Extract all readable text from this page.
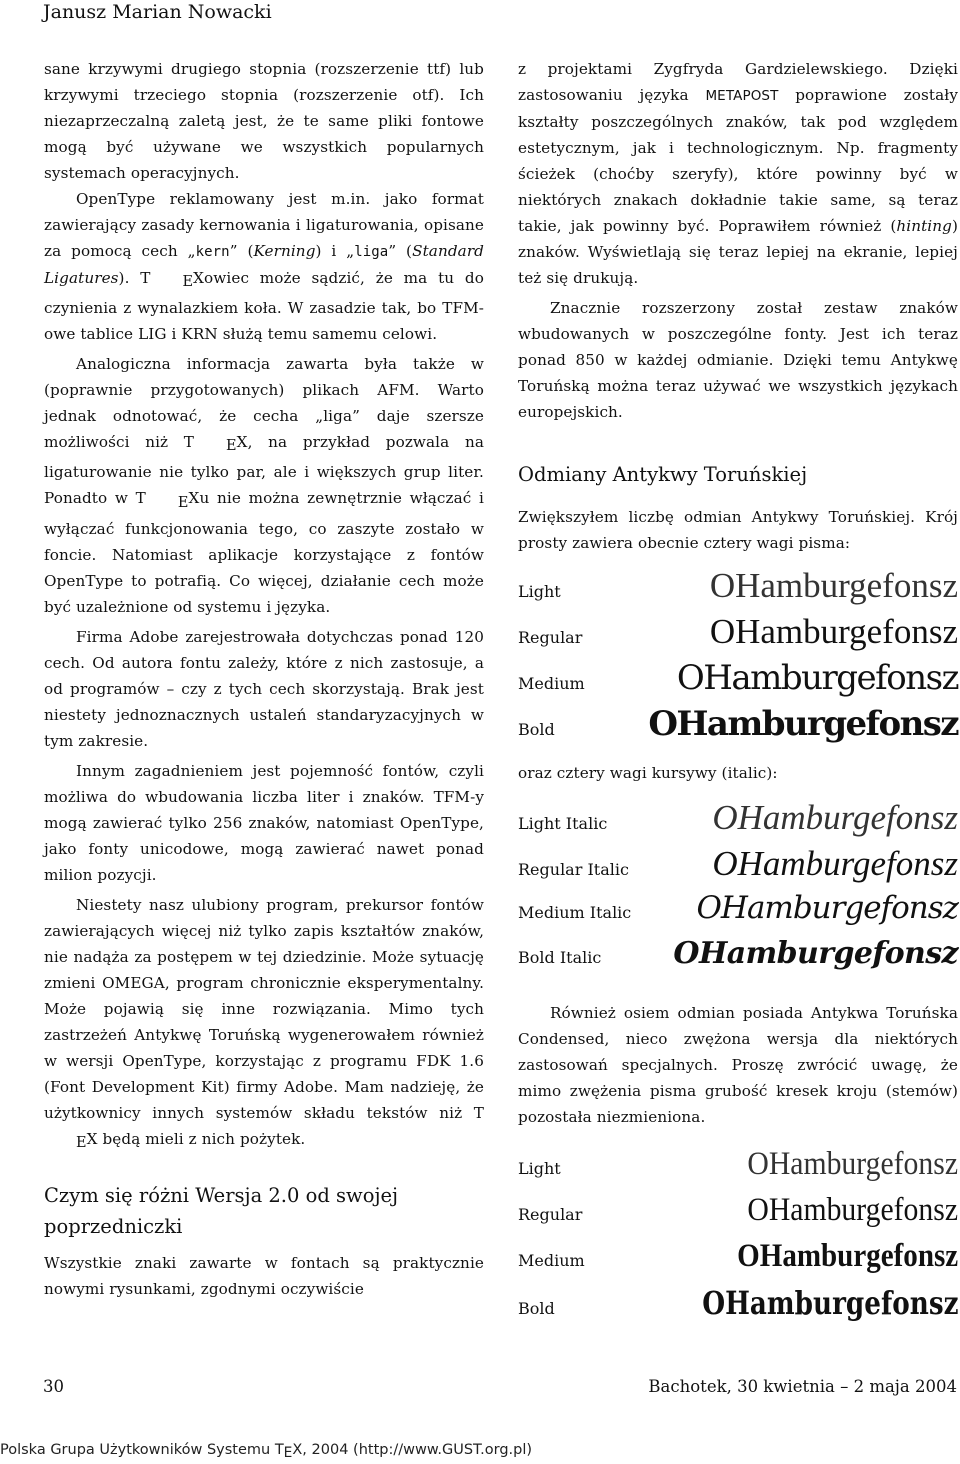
Janusz Marian Nowacki

sane krzywymi drugiego stopnia (rozszerzenie ttf) lub krzywymi trzeciego stopnia (rozszerzenie otf). Ich niezaprzeczalną zaletą jest, że te same pliki fontowe mogą być używane we wszystkich popularnych systemach operacyjnych.

OpenType reklamowany jest m.in. jako format zawierający zasady kernowania i ligaturowania, opisane za pomocą cech „kern” (Kerning) i „liga” (Standard Ligatures). T EXowiec może sądzić, że ma tu do czynienia z wynalazkiem koła. W zasadzie tak, bo TFM-owe tablice LIG i KRN służą temu samemu celowi.

Analogiczna informacja zawarta była także w (poprawnie przygotowanych) plikach AFM. Warto jednak odnotować, że cecha „liga” daje szersze możliwości niż T EX, na przykład pozwala na ligaturowanie nie tylko par, ale i większych grup liter. Ponadto w T EXu nie można zewnętrznie włączać i wyłączać funkcjonowania tego, co zaszyte zostało w foncie. Natomiast aplikacje korzystające z fontów OpenType to potrafią. Co więcej, działanie cech może być uzależnione od systemu i języka.

Firma Adobe zarejestrowała dotychczas ponad 120 cech. Od autora fontu zależy, które z nich zastosuje, a od programów – czy z tych cech skorzystają. Brak jest niestety jednoznacznych ustaleń standaryzacyjnych w tym zakresie.

Innym zagadnieniem jest pojemność fontów, czyli możliwa do wbudowania liczba liter i znaków. TFM-y mogą zawierać tylko 256 znaków, natomiast OpenType, jako fonty unicodowe, mogą zawierać nawet ponad milion pozycji.

Niestety nasz ulubiony program, prekursor fontów zawierających więcej niż tylko zapis kształtów znaków, nie nadąża za postępem w tej dziedzinie. Może sytuację zmieni OMEGA, program chronicznie eksperymentalny. Może pojawią się inne rozwiązania. Mimo tych zastrzeżeń Antykwę Toruńską wygenerowałem również w wersji OpenType, korzystając z programu FDK 1.6 (Font Development Kit) firmy Adobe. Mam nadzieję, że użytkownicy innych systemów składu tekstów niż TEX będą mieli z nich pożytek.

Czym się różni Wersja 2.0 od swojej poprzedniczki

Wszystkie znaki zawarte w fontach są praktycznie nowymi rysunkami, zgodnymi oczywiście

z projektami Zygfryda Gardzielewskiego. Dzięki zastosowaniu języka METAPOST poprawione zostały kształty poszczególnych znaków, tak pod względem estetycznym, jak i technologicznym. Np. fragmenty ścieżek (choćby szeryfy), które powinny być w niektórych znakach dokładnie takie same, są teraz takie, jak powinny być. Poprawiłem również (hinting) znaków. Wyświetlają się teraz lepiej na ekranie, lepiej też się drukują.

Znacznie rozszerzony został zestaw znaków wbudowanych w poszczególne fonty. Jest ich teraz ponad 850 w każdej odmianie. Dzięki temu Antykwę Toruńską można teraz używać we wszystkich językach europejskich.

Odmiany Antykwy Toruńskiej

Zwiększyłem liczbę odmian Antykwy Toruńskiej. Krój prosty zawiera obecnie cztery wagi pisma:

Light	OHamburgefonsz
Regular	OHamburgefonsz
Medium	OHamburgefonsz
Bold	OHamburgefonsz

oraz cztery wagi kursywy (italic):

Light Italic	OHamburgefonsz
Regular Italic OHamburgefonsz
Medium Italic OHamburgefonsz
Bold Italic OHamburgefonsz

Również osiem odmian posiada Antykwa Toruńska Condensed, nieco zwężona wersja dla niektórych zastosowań specjalnych. Proszę zwrócić uwagę, że mimo zwężenia pisma grubość kresek kroju (stemów) pozostała niezmieniona.

Light	OHamburgefonsz
Regular	OHamburgefonsz
Medium	OHamburgefonsz
Bold	OHamburgefonsz
30	Bachotek, 30 kwietnia – 2 maja 2004
Polska Grupa Użytkowników Systemu TEX, 2004 (http://www.GUST.org.pl)
